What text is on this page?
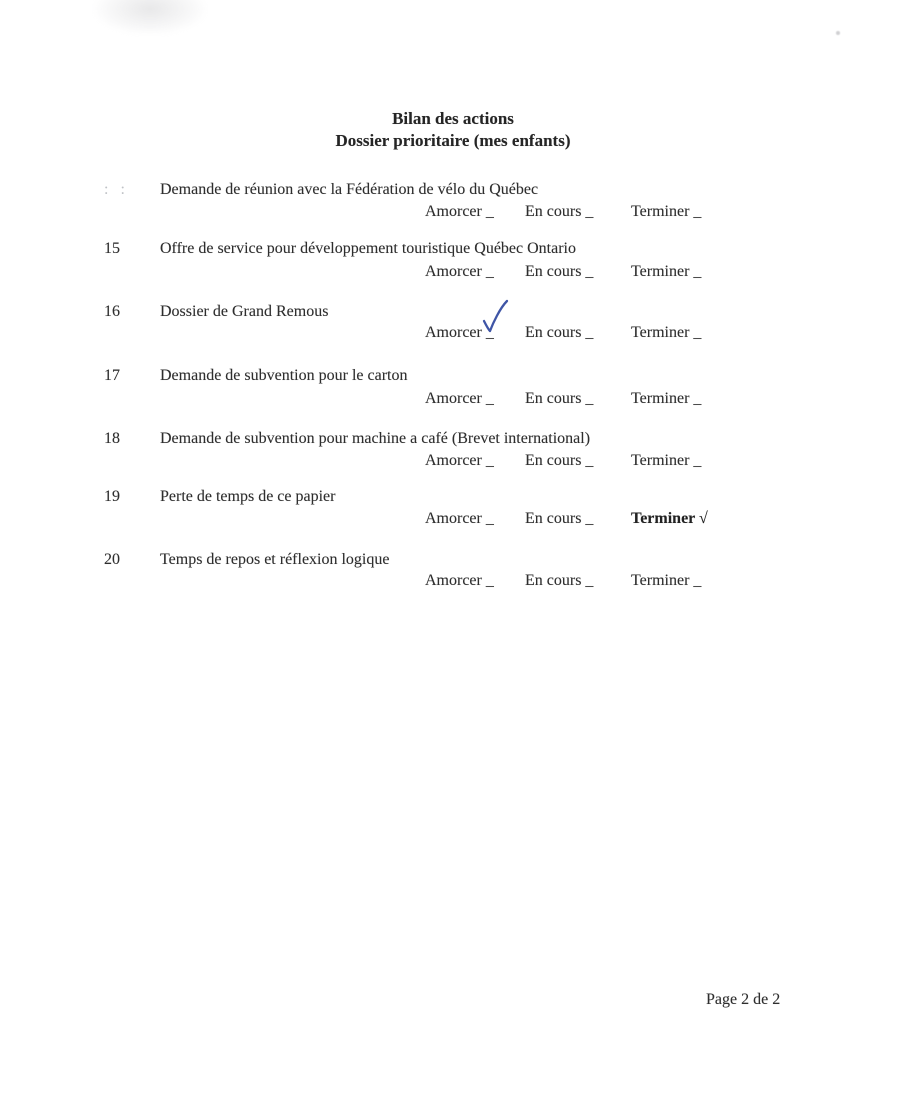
Bilan des actions
Dossier prioritaire (mes enfants)
: : Demande de réunion avec la Fédération de vélo du Québec
Amorcer _ En cours _ Terminer _
15	Offre de service pour développement touristique Québec Ontario
Amorcer _ En cours _ Terminer _
16	Dossier de Grand Remous
Amorcer _ En cours _ Terminer _
17	Demande de subvention pour le carton
Amorcer _ En cours _ Terminer _
18	Demande de subvention pour machine a café (Brevet international)
Amorcer _ En cours _ Terminer _
19	Perte de temps de ce papier
Amorcer _ En cours _ Terminer √
20	Temps de repos et réflexion logique
Amorcer _ En cours _ Terminer _
Page 2 de 2
